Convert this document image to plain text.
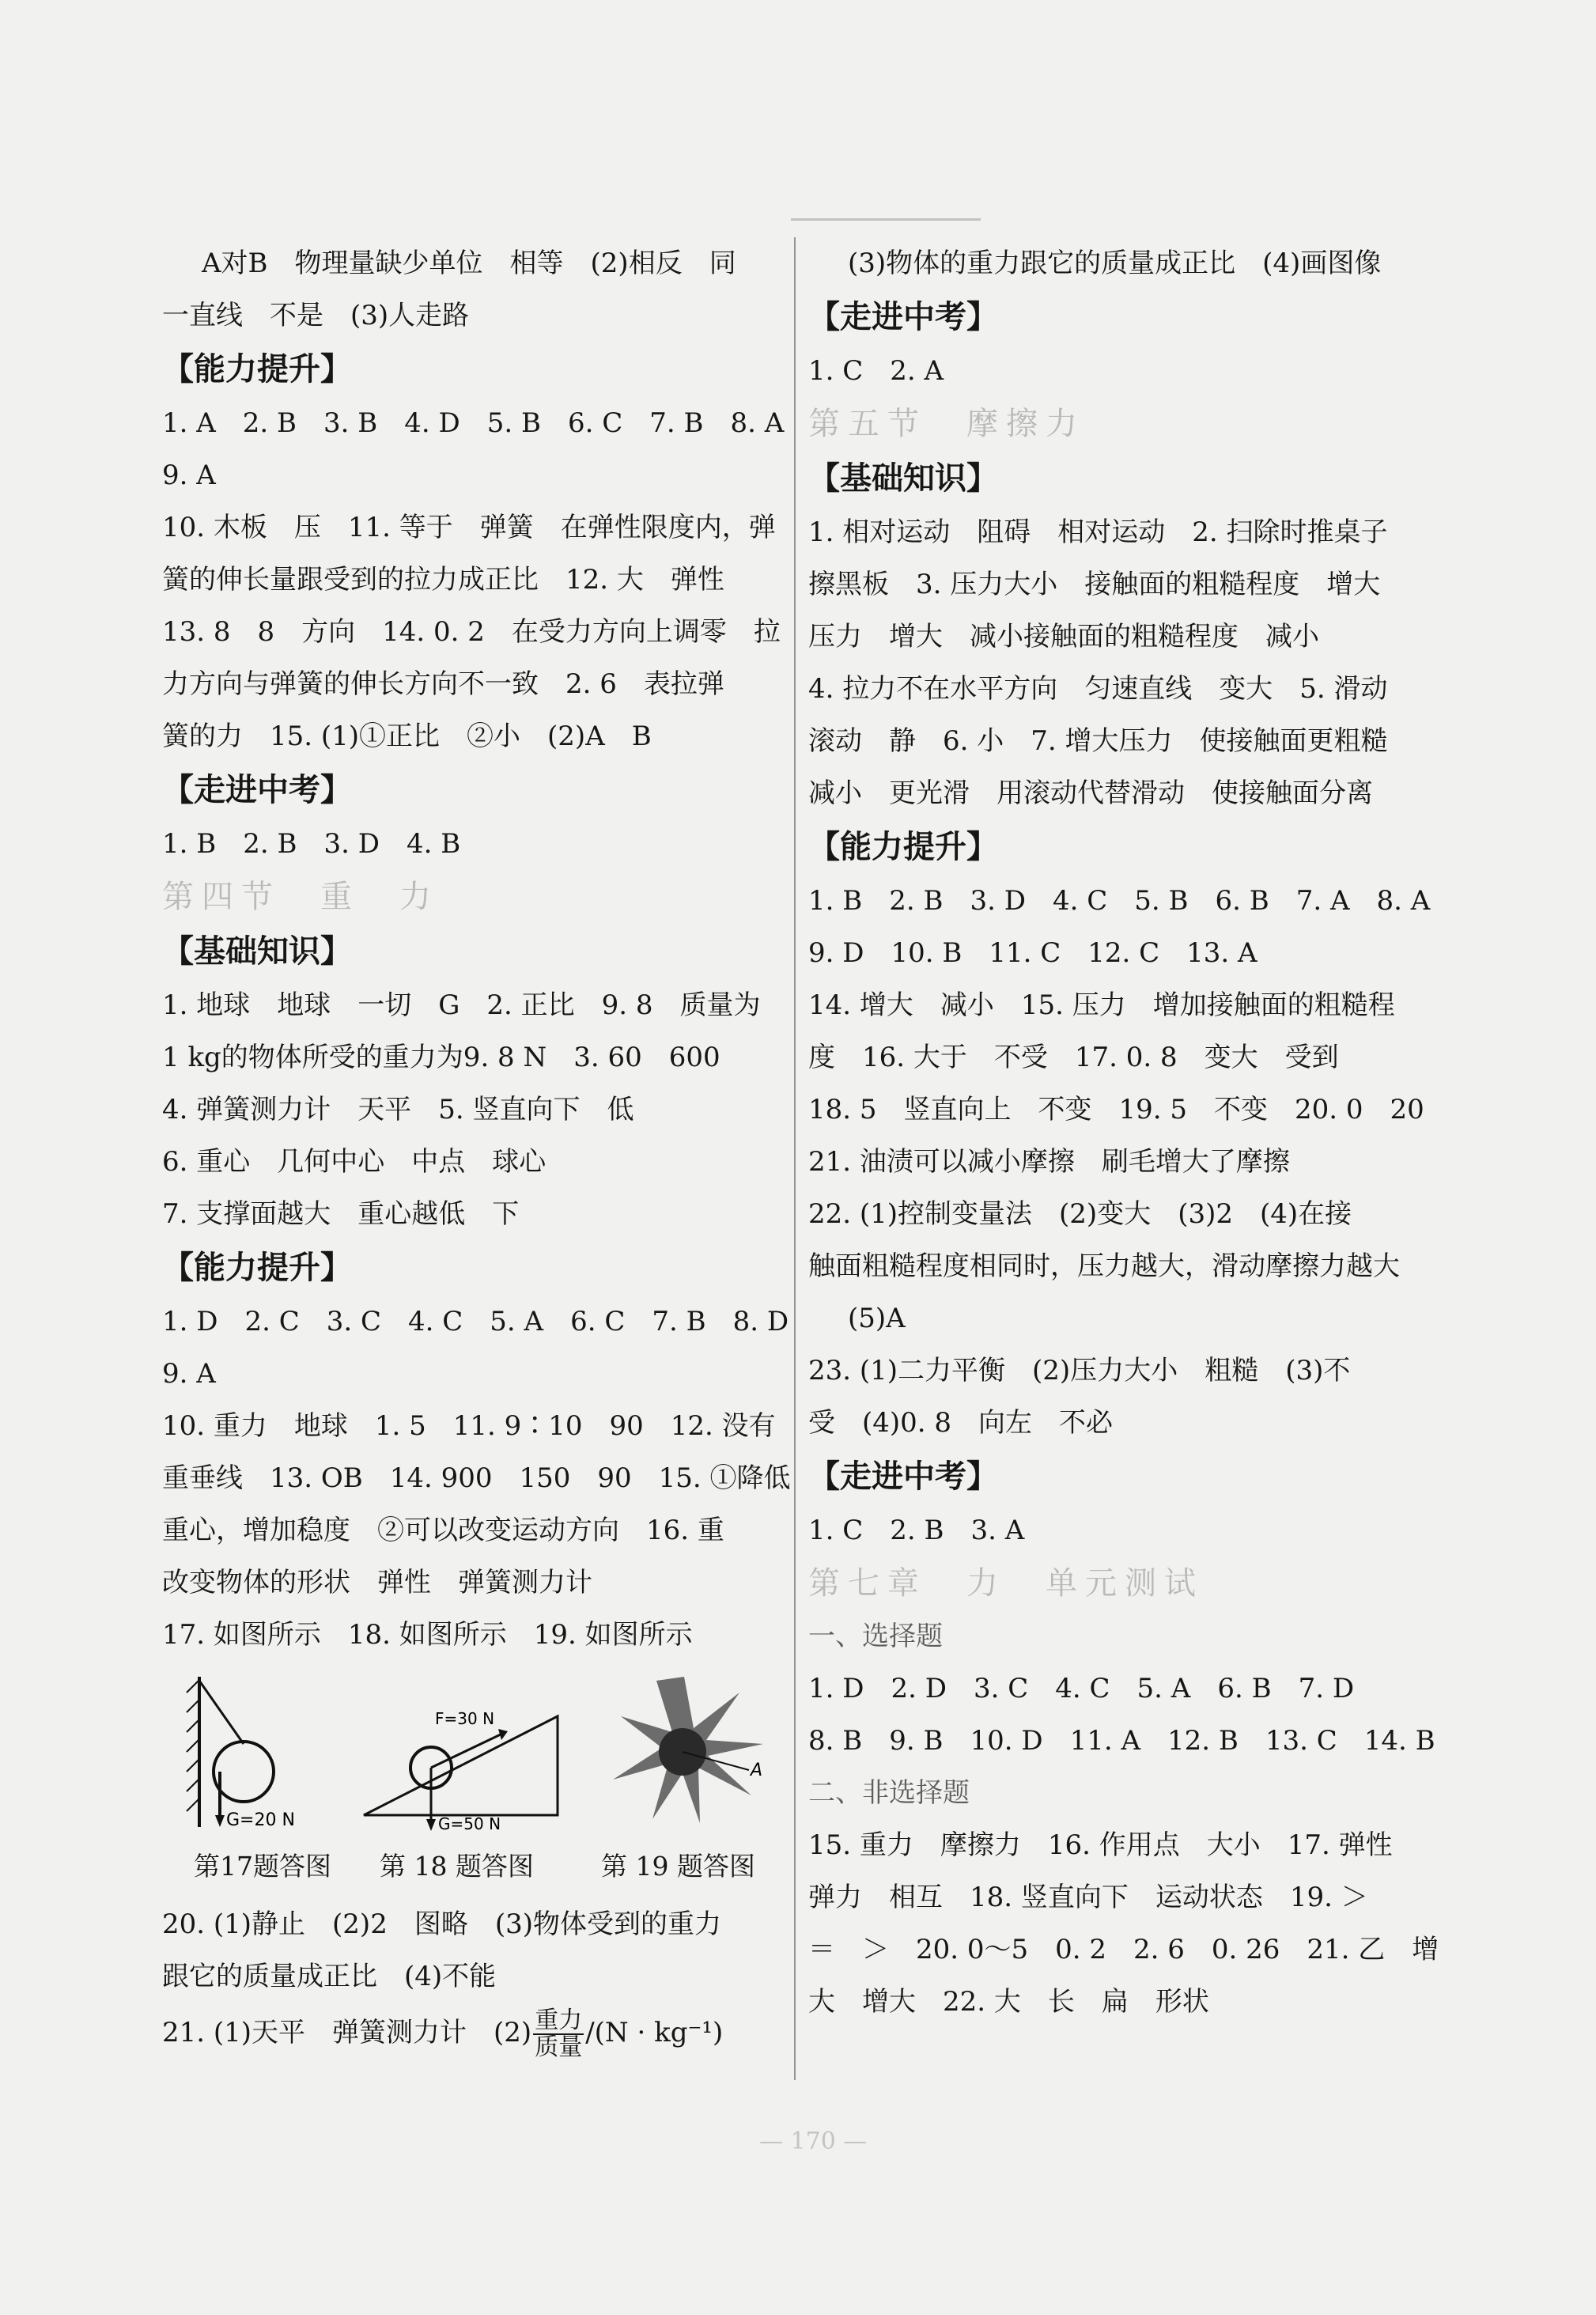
A对B　物理量缺少单位　相等　(2)相反　同
一直线　不是　(3)人走路
【能力提升】
1. A　2. B　3. B　4. D　5. B　6. C　7. B　8. A
9. A
10. 木板　压　11. 等于　弹簧　在弹性限度内，弹
簧的伸长量跟受到的拉力成正比　12. 大　弹性
13. 8　8　方向　14. 0. 2　在受力方向上调零　拉
力方向与弹簧的伸长方向不一致　2. 6　表拉弹
簧的力　15. (1)①正比　②小　(2)A　B
【走进中考】
1. B　2. B　3. D　4. B
第四节　重　力
【基础知识】
1. 地球　地球　一切　G　2. 正比　9. 8　质量为
1 kg的物体所受的重力为9. 8 N　3. 60　600
4. 弹簧测力计　天平　5. 竖直向下　低
6. 重心　几何中心　中点　球心
7. 支撑面越大　重心越低　下
【能力提升】
1. D　2. C　3. C　4. C　5. A　6. C　7. B　8. D
9. A
10. 重力　地球　1. 5　11. 9∶10　90　12. 没有
重垂线　13. OB　14. 900　150　90　15. ①降低
重心，增加稳度　②可以改变运动方向　16. 重
改变物体的形状　弹性　弹簧测力计
17. 如图所示　18. 如图所示　19. 如图所示
G=20 N
F=30 N
G=50 N
A
第17题答图 第 18 题答图	第 19 题答图
20. (1)静止　(2)2　图略　(3)物体受到的重力
跟它的质量成正比　(4)不能
21. (1)天平　弹簧测力计　$(2) \frac{\text{重力}}{\text{质量}} /(N \cdot kg^{-1})$
(3)物体的重力跟它的质量成正比　(4)画图像
【走进中考】
1. C　2. A
第五节　摩擦力
【基础知识】
1. 相对运动　阻碍　相对运动　2. 扫除时推桌子
擦黑板　3. 压力大小　接触面的粗糙程度　增大
压力　增大　减小接触面的粗糙程度　减小
4. 拉力不在水平方向　匀速直线　变大　5. 滑动
滚动　静　6. 小　7. 增大压力　使接触面更粗糙
减小　更光滑　用滚动代替滑动　使接触面分离
【能力提升】
1. B　2. B　3. D　4. C　5. B　6. B　7. A　8. A
9. D　10. B　11. C　12. C　13. A
14. 增大　减小　15. 压力　增加接触面的粗糙程
度　16. 大于　不受　17. 0. 8　变大　受到
18. 5　竖直向上　不变　19. 5　不变　20. 0　20
21. 油渍可以减小摩擦　刷毛增大了摩擦
22. (1)控制变量法　(2)变大　(3)2　(4)在接
触面粗糙程度相同时，压力越大，滑动摩擦力越大
(5)A
23. (1)二力平衡　(2)压力大小　粗糙　(3)不
受　(4)0. 8　向左　不必
【走进中考】
1. C　2. B　3. A
第七章　力　单元测试
一、选择题
1. D　2. D　3. C　4. C　5. A　6. B　7. D
8. B　9. B　10. D　11. A　12. B　13. C　14. B
二、非选择题
15. 重力　摩擦力　16. 作用点　大小　17. 弹性
弹力　相互　18. 竖直向下　运动状态　19. ＞
＝　＞　20. 0～5　0. 2　2. 6　0. 26　21. 乙　增
大　增大　22. 大　长　扁　形状
— 170 —
